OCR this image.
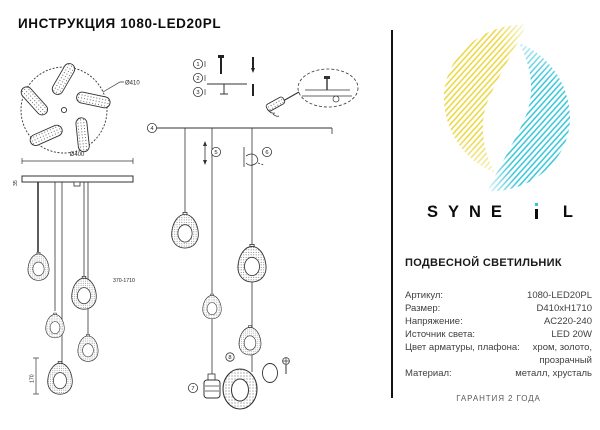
ИНСТРУКЦИЯ 1080-LED20PL
Ø410
Ø400
35
370-1710
170
1
2
3
4
5	6
7
8
SYNE	L
ПОДВЕСНОЙ СВЕТИЛЬНИК
Артикул:	1080-LED20PL
Размер:	D410xH1710
Напряжение:	AC220-240
Источник света:	LED 20W
Цвет арматуры, плафона:	хром, золото, прозрачный
Материал:	металл, хрусталь
ГАРАНТИЯ 2 ГОДА
